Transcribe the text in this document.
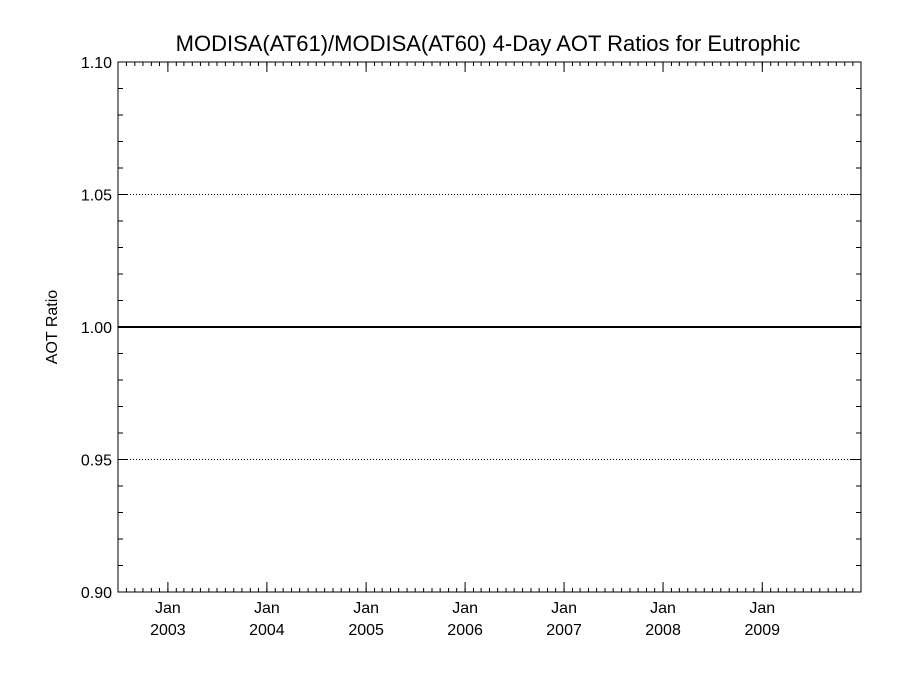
MODISA(AT61)/MODISA(AT60) 4-Day AOT Ratios for Eutrophic
AOT Ratio
0.90
0.95
1.00
1.05
1.10
Jan
2003
Jan
2004
Jan
2005
Jan
2006
Jan
2007
Jan
2008
Jan
2009
